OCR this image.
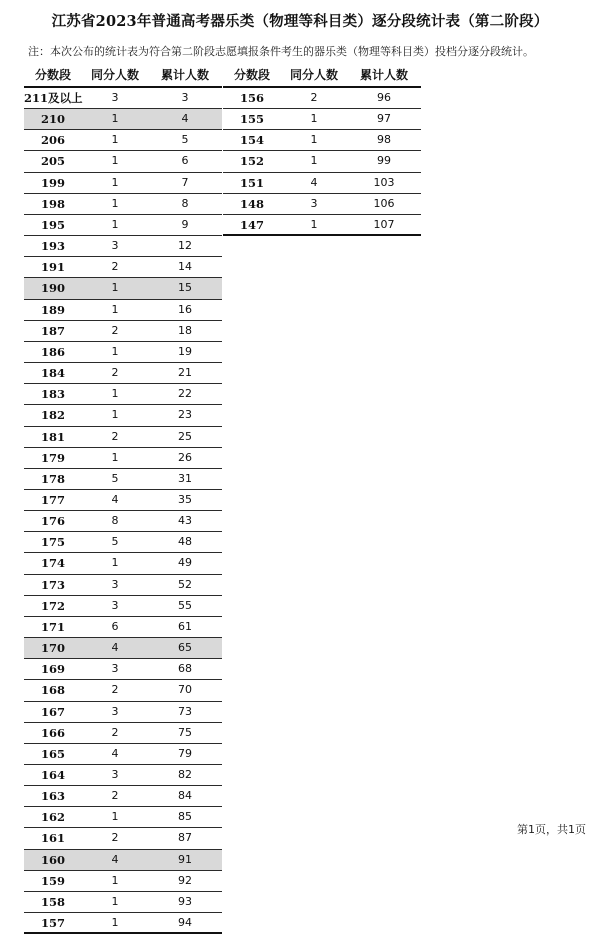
江苏省2023年普通高考器乐类（物理等科目类）逐分段统计表（第二阶段）
注：本次公布的统计表为符合第二阶段志愿填报条件考生的器乐类（物理等科目类）投档分逐分段统计。
分数段	同分人数	累计人数
211及以上	3	3
210	1	4
206	1	5
205	1	6
199	1	7
198	1	8
195	1	9
193	3	12
191	2	14
190	1	15
189	1	16
187	2	18
186	1	19
184	2	21
183	1	22
182	1	23
181	2	25
179	1	26
178	5	31
177	4	35
176	8	43
175	5	48
174	1	49
173	3	52
172	3	55
171	6	61
170	4	65
169	3	68
168	2	70
167	3	73
166	2	75
165	4	79
164	3	82
163	2	84
162	1	85
161	2	87
160	4	91
159	1	92
158	1	93
157	1	94
分数段	同分人数	累计人数
156	2	96
155	1	97
154	1	98
152	1	99
151	4	103
148	3	106
147	1	107
第1页，共1页
